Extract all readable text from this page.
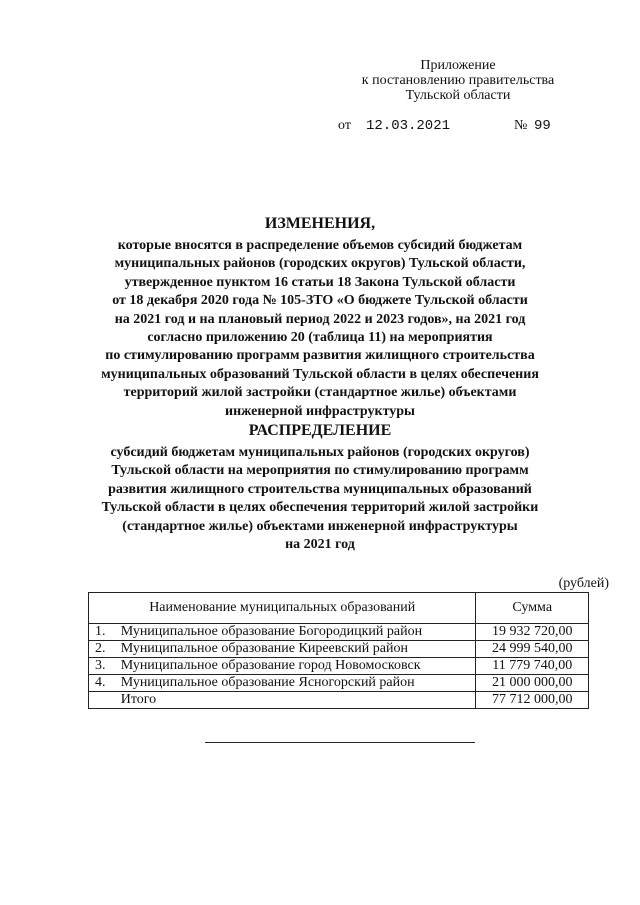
Приложение
к постановлению правительства
Тульской области
от 12.03.2021	№ 99
ИЗМЕНЕНИЯ,
которые вносятся в распределение объемов субсидий бюджетам
муниципальных районов (городских округов) Тульской области,
утвержденное пунктом 16 статьи 18 Закона Тульской области
от 18 декабря 2020 года № 105-ЗТО «О бюджете Тульской области
на 2021 год и на плановый период 2022 и 2023 годов», на 2021 год
согласно приложению 20 (таблица 11) на мероприятия
по стимулированию программ развития жилищного строительства
муниципальных образований Тульской области в целях обеспечения
территорий жилой застройки (стандартное жилье) объектами
инженерной инфраструктуры
РАСПРЕДЕЛЕНИЕ
субсидий бюджетам муниципальных районов (городских округов)
Тульской области на мероприятия по стимулированию программ
развития жилищного строительства муниципальных образований
Тульской области в целях обеспечения территорий жилой застройки
(стандартное жилье) объектами инженерной инфраструктуры
на 2021 год
(рублей)
Наименование муниципальных образований		Сумма
1.	Муниципальное образование Богородицкий район	19 932 720,00
2.	Муниципальное образование Киреевский район	24 999 540,00
3.	Муниципальное образование город Новомосковск	11 779 740,00
4.	Муниципальное образование Ясногорский район	21 000 000,00
	Итого	77 712 000,00
